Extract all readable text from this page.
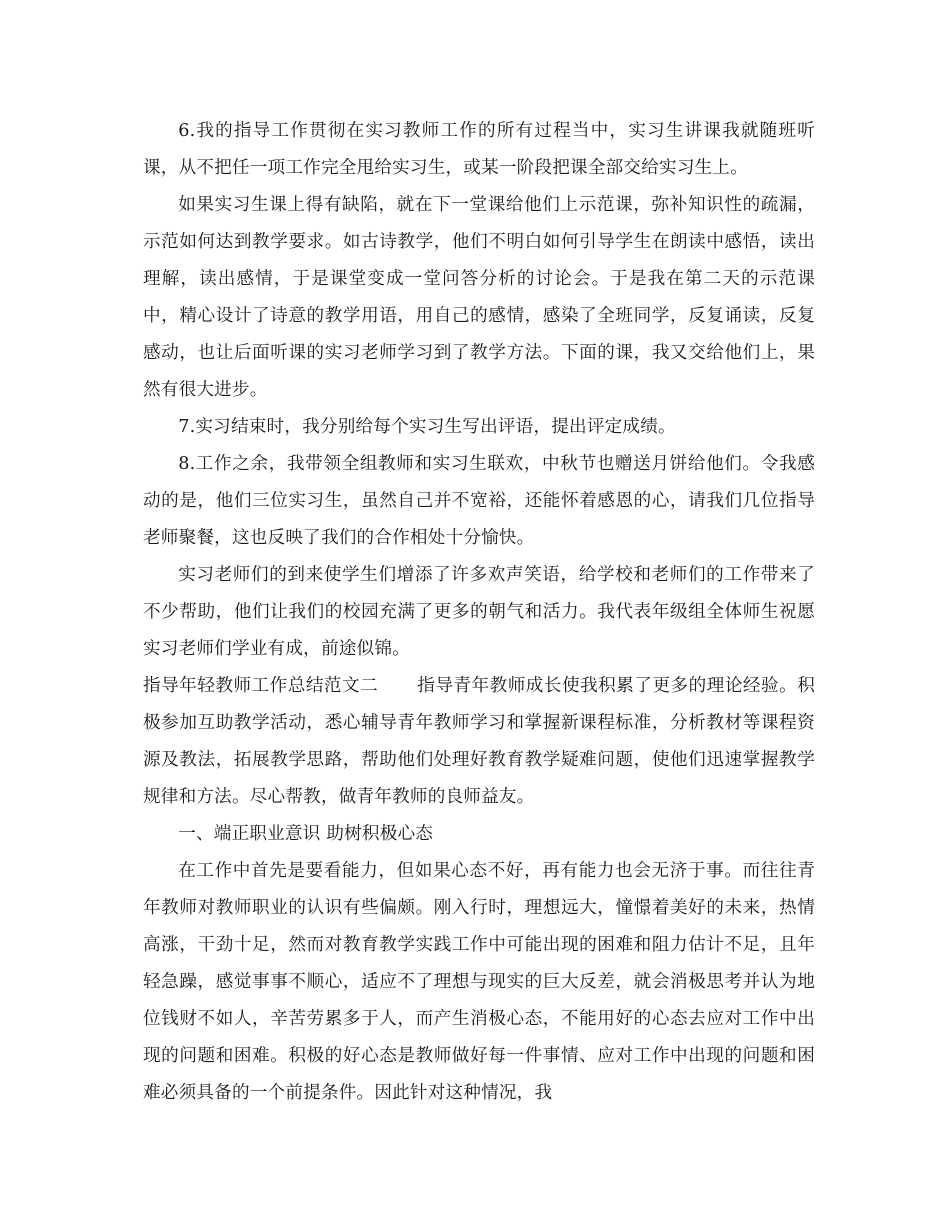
6.我的指导工作贯彻在实习教师工作的所有过程当中，实习生讲课我就随班听课，从不把任一项工作完全甩给实习生，或某一阶段把课全部交给实习生上。

如果实习生课上得有缺陷，就在下一堂课给他们上示范课，弥补知识性的疏漏，示范如何达到教学要求。如古诗教学，他们不明白如何引导学生在朗读中感悟，读出理解，读出感情，于是课堂变成一堂问答分析的讨论会。于是我在第二天的示范课中，精心设计了诗意的教学用语，用自己的感情，感染了全班同学，反复诵读，反复感动，也让后面听课的实习老师学习到了教学方法。下面的课，我又交给他们上，果然有很大进步。

7.实习结束时，我分别给每个实习生写出评语，提出评定成绩。

8.工作之余，我带领全组教师和实习生联欢，中秋节也赠送月饼给他们。令我感动的是，他们三位实习生，虽然自己并不宽裕，还能怀着感恩的心，请我们几位指导老师聚餐，这也反映了我们的合作相处十分愉快。

实习老师们的到来使学生们增添了许多欢声笑语，给学校和老师们的工作带来了不少帮助，他们让我们的校园充满了更多的朝气和活力。我代表年级组全体师生祝愿实习老师们学业有成，前途似锦。

指导年轻教师工作总结范文二 指导青年教师成长使我积累了更多的理论经验。积极参加互助教学活动，悉心辅导青年教师学习和掌握新课程标准，分析教材等课程资源及教法，拓展教学思路，帮助他们处理好教育教学疑难问题，使他们迅速掌握教学规律和方法。尽心帮教，做青年教师的良师益友。

一、端正职业意识 助树积极心态

在工作中首先是要看能力，但如果心态不好，再有能力也会无济于事。而往往青年教师对教师职业的认识有些偏颇。刚入行时，理想远大，憧憬着美好的未来，热情高涨，干劲十足，然而对教育教学实践工作中可能出现的困难和阻力估计不足，且年轻急躁，感觉事事不顺心，适应不了理想与现实的巨大反差，就会消极思考并认为地位钱财不如人，辛苦劳累多于人，而产生消极心态，不能用好的心态去应对工作中出现的问题和困难。积极的好心态是教师做好每一件事情、应对工作中出现的问题和困难必须具备的一个前提条件。因此针对这种情况，我
